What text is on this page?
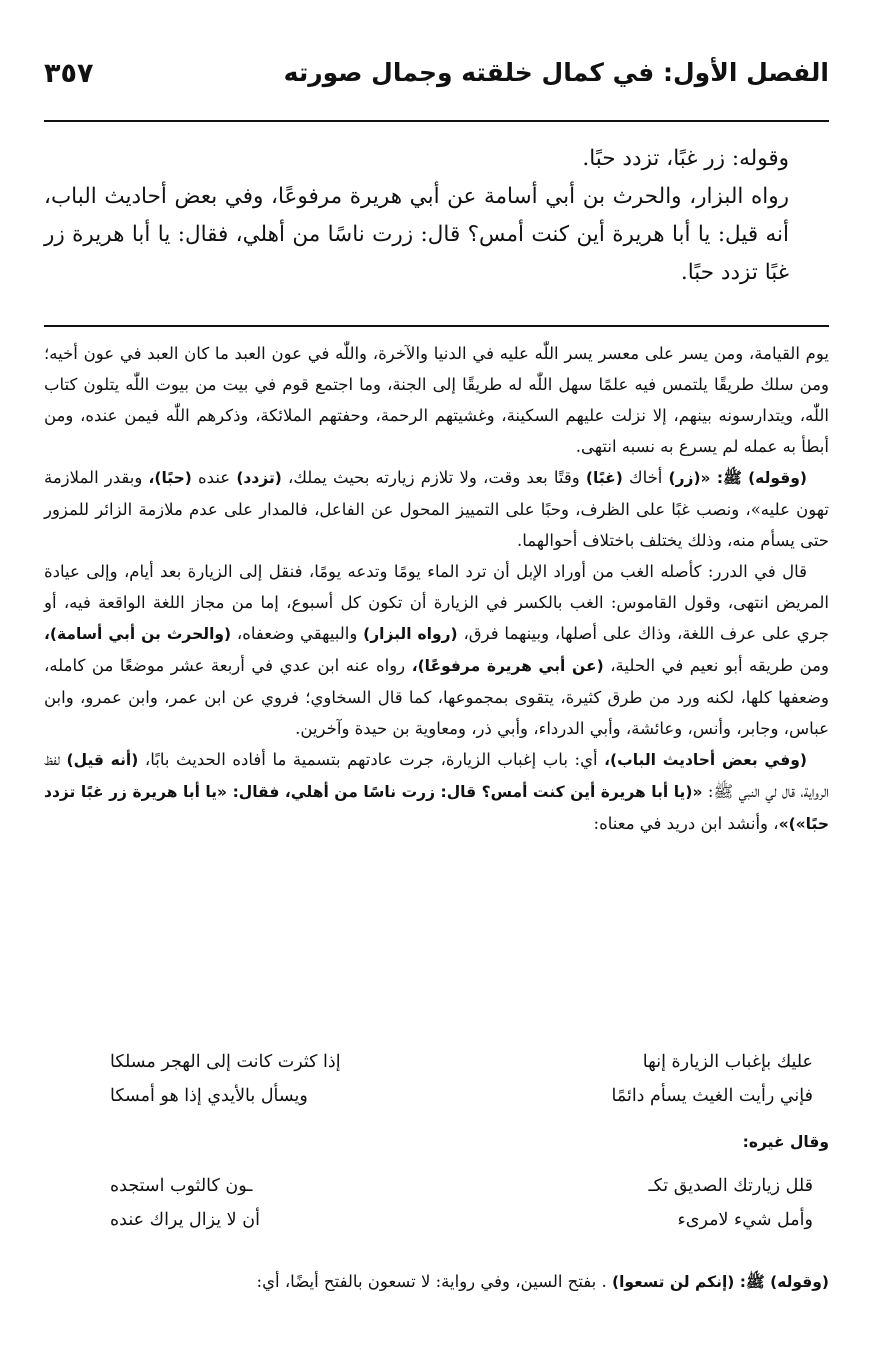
الفصل الأول: في كمال خلقته وجمال صورته
٣٥٧

وقوله: زر غبًا، تزدد حبًا.

رواه البزار، والحرث بن أبي أسامة عن أبي هريرة مرفوعًا، وفي بعض أحاديث الباب، أنه قيل: يا أبا هريرة أين كنت أمس؟ قال: زرت ناسًا من أهلي، فقال: يا أبا هريرة زر غبًا تزدد حبًا.

يوم القيامة، ومن يسر على معسر يسر اللّٰه عليه في الدنيا والآخرة، واللّٰه في عون العبد ما كان العبد في عون أخيه؛ ومن سلك طريقًا يلتمس فيه علمًا سهل اللّٰه له طريقًا إلى الجنة، وما اجتمع قوم في بيت من بيوت اللّٰه يتلون كتاب اللّٰه، ويتدارسونه بينهم، إلا نزلت عليهم السكينة، وغشيتهم الرحمة، وحفتهم الملائكة، وذكرهم اللّٰه فيمن عنده، ومن أبطأ به عمله لم يسرع به نسبه انتهى.

(وقوله) ﷺ: «(زر) أخاك (غبًا) وقتًا بعد وقت، ولا تلازم زيارته بحيث يملك، (تزدد) عنده (حبًا)، وبقدر الملازمة تهون عليه»، ونصب غبًا على الظرف، وحبًا على التمييز المحول عن الفاعل، فالمدار على عدم ملازمة الزائر للمزور حتى يسأم منه، وذلك يختلف باختلاف أحوالهما.

قال في الدرر: كأصله الغب من أوراد الإبل أن ترد الماء يومًا وتدعه يومًا، فنقل إلى الزيارة بعد أيام، وإلى عيادة المريض انتهى، وقول القاموس: الغب بالكسر في الزيارة أن تكون كل أسبوع، إما من مجاز اللغة الواقعة فيه، أو جري على عرف اللغة، وذاك على أصلها، وبينهما فرق، (رواه البزار) والبيهقي وضعفاه، (والحرث بن أبي أسامة)، ومن طريقه أبو نعيم في الحلية، (عن أبي هريرة مرفوعًا)، رواه عنه ابن عدي في أربعة عشر موضعًا من كامله، وضعفها كلها، لكنه ورد من طرق كثيرة، يتقوى بمجموعها، كما قال السخاوي؛ فروي عن ابن عمر، وابن عمرو، وابن عباس، وجابر، وأنس، وعائشة، وأبي الدرداء، وأبي ذر، ومعاوية بن حيدة وآخرين.

(وفي بعض أحاديث الباب)، أي: باب إغباب الزيارة، جرت عادتهم بتسمية ما أفاده الحديث بابًا، (أنه قيل) لفظ الرواية، قال لي النبي ﷺ: «(يا أبا هريرة أين كنت أمس؟ قال: زرت ناسًا من أهلي، فقال: «يا أبا هريرة زر غبًا تزدد حبًا»)»، وأنشد ابن دريد في معناه:

عليك بإغباب الزيارة إنها
إذا كثرت كانت إلى الهجر مسلكا
فإني رأيت الغيث يسأم دائمًا
ويسأل بالأيدي إذا هو أمسكا
وقال غيره:
قلل زيارتك الصديق تكـ
ـون كالثوب استجده
وأمل شيء لامرىء
أن لا يزال يراك عنده
(وقوله) ﷺ: (إنكم لن تسعوا) . بفتح السين، وفي رواية: لا تسعون بالفتح أيضًا، أي:
